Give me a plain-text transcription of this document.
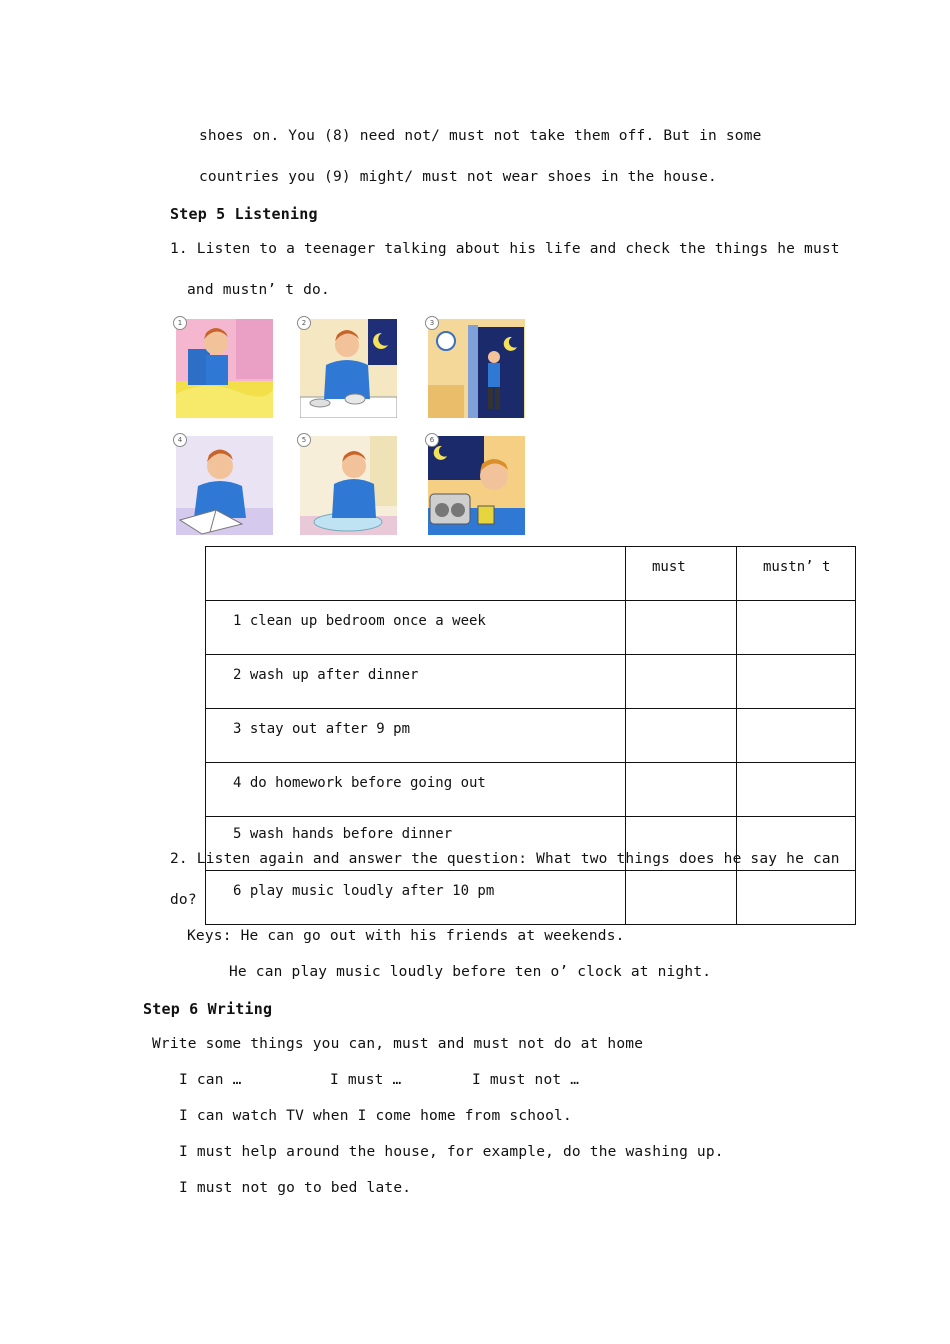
shoes on. You (8) need not/ must not take them off. But in some
countries you (9) might/ must not wear shoes in the house.
Step 5 Listening
1. Listen to a teenager talking about his life and check the things he must
and mustn’ t do.
1	2	3
4	5	6
	must	mustn’ t
1 clean up bedroom once a week		
2 wash up after dinner		
3 stay out after 9 pm		
4 do homework before going out		
5 wash hands before dinner		
6 play music loudly after 10 pm		
2. Listen again and answer the question: What two things does he say he can
do?
Keys: He can go out with his friends at weekends.
He can play music loudly before ten o’ clock at night.
Step 6 Writing
Write some things you can, must and must not do at home
I can …	I must …	I must not …
I can watch TV when I come home from school.
I must help around the house, for example, do the washing up.
I must not go to bed late.
